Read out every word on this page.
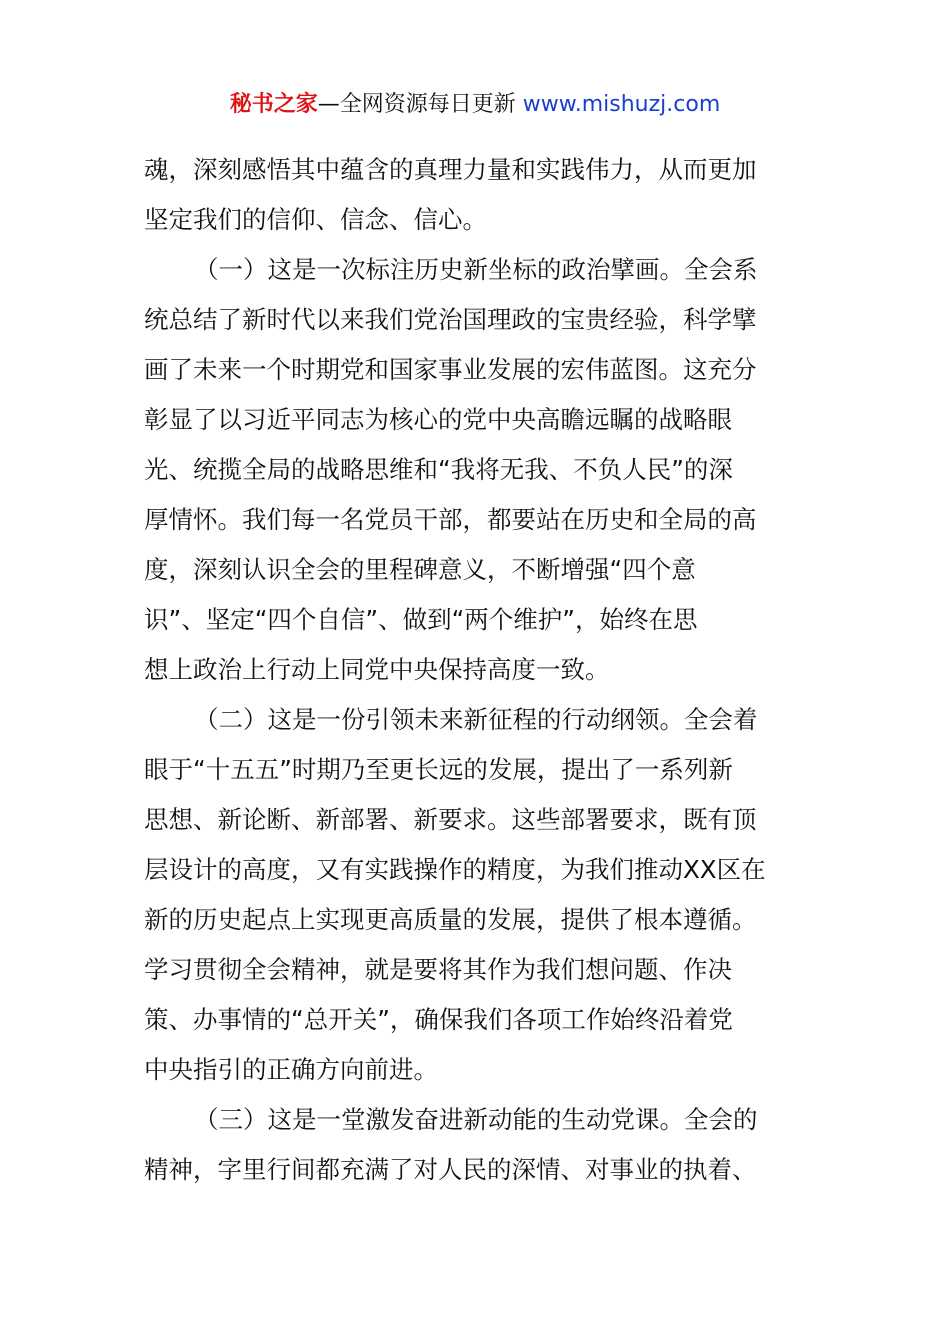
秘书之家—全网资源每日更新 www.mishuzj.com
魂，深刻感悟其中蕴含的真理力量和实践伟力，从而更加
坚定我们的信仰、信念、信心。
（一）这是一次标注历史新坐标的政治擘画。全会系
统总结了新时代以来我们党治国理政的宝贵经验，科学擘
画了未来一个时期党和国家事业发展的宏伟蓝图。这充分
彰显了以习近平同志为核心的党中央高瞻远瞩的战略眼
光、统揽全局的战略思维和“我将无我、不负人民”的深
厚情怀。我们每一名党员干部，都要站在历史和全局的高
度，深刻认识全会的里程碑意义，不断增强“四个意
识”、坚定“四个自信”、做到“两个维护”，始终在思
想上政治上行动上同党中央保持高度一致。
（二）这是一份引领未来新征程的行动纲领。全会着
眼于“十五五”时期乃至更长远的发展，提出了一系列新
思想、新论断、新部署、新要求。这些部署要求，既有顶
层设计的高度，又有实践操作的精度，为我们推动XX区在
新的历史起点上实现更高质量的发展，提供了根本遵循。
学习贯彻全会精神，就是要将其作为我们想问题、作决
策、办事情的“总开关”，确保我们各项工作始终沿着党
中央指引的正确方向前进。
（三）这是一堂激发奋进新动能的生动党课。全会的
精神，字里行间都充满了对人民的深情、对事业的执着、
